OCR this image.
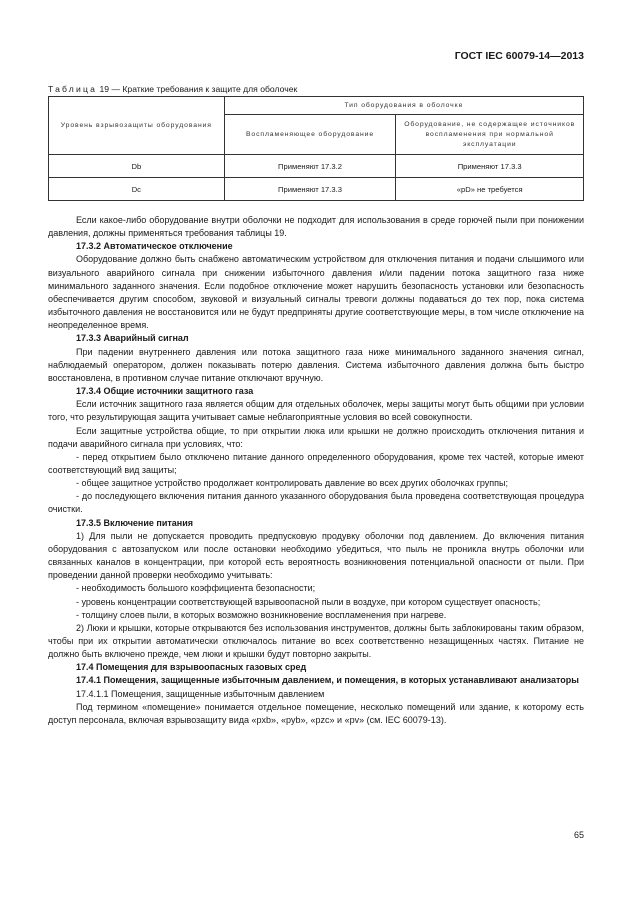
ГОСТ IEC 60079-14—2013
Таблица 19 — Краткие требования к защите для оболочек
Уровень взрывозащиты оборудования	Тип оборудования в оболочке	
	Воспламеняющее оборудование	Оборудование, не содержащее источников воспламенения при нормальной эксплуатации
Db	Применяют 17.3.2	Применяют 17.3.3
Dc	Применяют 17.3.3	«pD» не требуется

Если какое-либо оборудование внутри оболочки не подходит для использования в среде горючей пыли при понижении давления, должны применяться требования таблицы 19.

17.3.2 Автоматическое отключение

Оборудование должно быть снабжено автоматическим устройством для отключения питания и подачи слышимого или визуального аварийного сигнала при снижении избыточного давления и/или падении потока защитного газа ниже минимального заданного значения. Если подобное отключение может нарушить безопасность установки или безопасность обеспечивается другим способом, звуковой и визуальный сигналы тревоги должны подаваться до тех пор, пока система избыточного давления не восстановится или не будут предприняты другие соответствующие меры, в том числе отключение на неопределенное время.

17.3.3 Аварийный сигнал

При падении внутреннего давления или потока защитного газа ниже минимального заданного значения сигнал, наблюдаемый оператором, должен показывать потерю давления. Система избыточного давления должна быть быстро восстановлена, в противном случае питание отключают вручную.

17.3.4 Общие источники защитного газа

Если источник защитного газа является общим для отдельных оболочек, меры защиты могут быть общими при условии того, что результирующая защита учитывает самые неблагоприятные условия во всей совокупности.

Если защитные устройства общие, то при открытии люка или крышки не должно происходить отключения питания и подачи аварийного сигнала при условиях, что:

- перед открытием было отключено питание данного определенного оборудования, кроме тех частей, которые имеют соответствующий вид защиты;

- общее защитное устройство продолжает контролировать давление во всех других оболочках группы;

- до последующего включения питания данного указанного оборудования была проведена соответствующая процедура очистки.

17.3.5 Включение питания

1) Для пыли не допускается проводить предпусковую продувку оболочки под давлением. До включения питания оборудования с автозапуском или после остановки необходимо убедиться, что пыль не проникла внутрь оболочки или связанных каналов в концентрации, при которой есть вероятность возникновения потенциальной опасности от пыли. При проведении данной проверки необходимо учитывать:

- необходимость большого коэффициента безопасности;

- уровень концентрации соответствующей взрывоопасной пыли в воздухе, при котором существует опасность;

- толщину слоев пыли, в которых возможно возникновение воспламенения при нагреве.

2) Люки и крышки, которые открываются без использования инструментов, должны быть заблокированы таким образом, чтобы при их открытии автоматически отключалось питание во всех соответственно незащищенных частях. Питание не должно быть включено прежде, чем люки и крышки будут повторно закрыты.

17.4 Помещения для взрывоопасных газовых сред

17.4.1 Помещения, защищенные избыточным давлением, и помещения, в которых устанавливают анализаторы

17.4.1.1 Помещения, защищенные избыточным давлением

Под термином «помещение» понимается отдельное помещение, несколько помещений или здание, к которому есть доступ персонала, включая взрывозащиту вида «pxb», «pyb», «pzc» и «pv» (см. IEC 60079-13).

65
